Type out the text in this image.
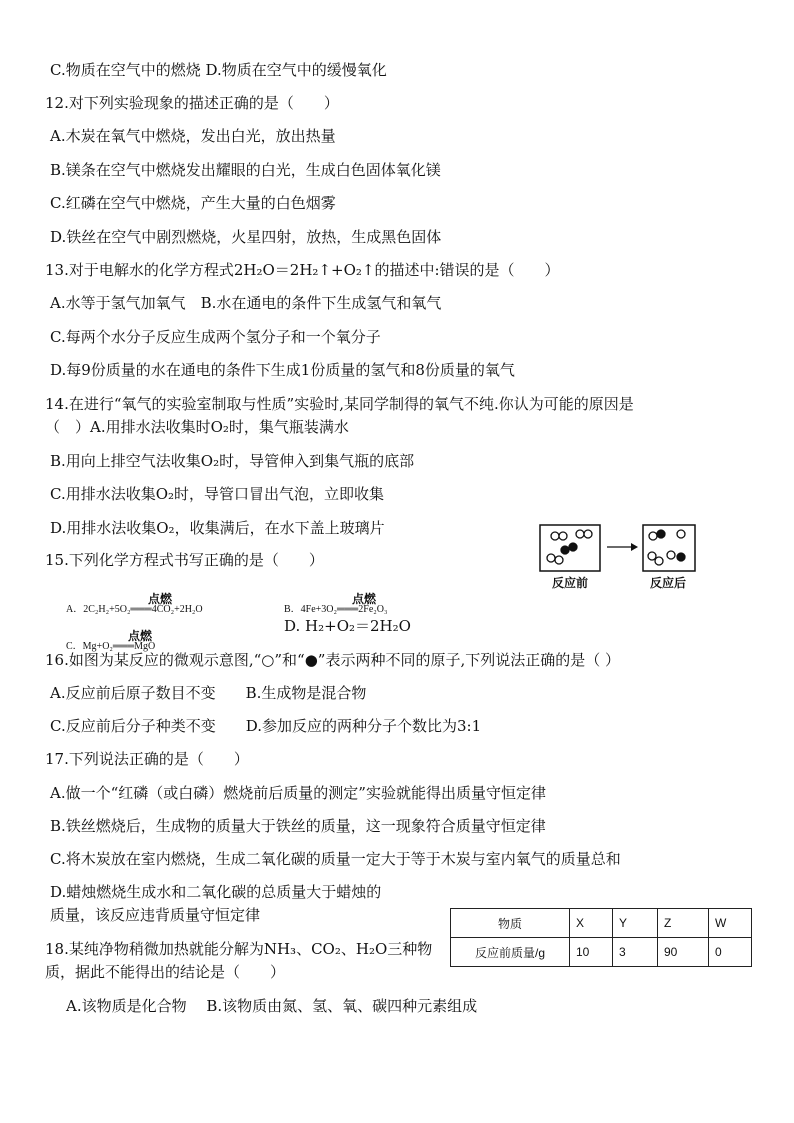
C.物质在空气中的燃烧 D.物质在空气中的缓慢氧化
12.对下列实验现象的描述正确的是（　　）
A.木炭在氧气中燃烧，发出白光，放出热量
B.镁条在空气中燃烧发出耀眼的白光，生成白色固体氧化镁
C.红磷在空气中燃烧，产生大量的白色烟雾
D.铁丝在空气中剧烈燃烧，火星四射，放热，生成黑色固体
13.对于电解水的化学方程式2H₂O＝2H₂↑+O₂↑的描述中:错误的是（　　）
A.水等于氢气加氧气　B.水在通电的条件下生成氢气和氧气
C.每两个水分子反应生成两个氢分子和一个氧分子
D.每9份质量的水在通电的条件下生成1份质量的氢气和8份质量的氧气
14.在进行“氧气的实验室制取与性质”实验时,某同学制得的氧气不纯.你认为可能的原因是
（　）A.用排水法收集时O₂时，集气瓶装满水
B.用向上排空气法收集O₂时，导管伸入到集气瓶的底部
C.用排水法收集O₂时，导管口冒出气泡，立即收集
D.用排水法收集O₂，收集满后，在水下盖上玻璃片
15.下列化学方程式书写正确的是（　　）
点燃
A．2C₂H₂+5O₂═══4CO₂+2H₂O
点燃
B．4Fe+3O₂═══2Fe₂O₃
D. H₂+O₂＝2H₂O
点燃
C．Mg+O₂═══MgO
反应前	反应后
16.如图为某反应的微观示意图,“○”和“●”表示两种不同的原子,下列说法正确的是（ ）
A.反应前后原子数目不变　　B.生成物是混合物
C.反应前后分子种类不变　　D.参加反应的两种分子个数比为3:1
17.下列说法正确的是（　　）
A.做一个“红磷（或白磷）燃烧前后质量的测定”实验就能得出质量守恒定律
B.铁丝燃烧后，生成物的质量大于铁丝的质量，这一现象符合质量守恒定律
C.将木炭放在室内燃烧，生成二氧化碳的质量一定大于等于木炭与室内氧气的质量总和
D.蜡烛燃烧生成水和二氧化碳的总质量大于蜡烛的
质量，该反应违背质量守恒定律
18.某纯净物稍微加热就能分解为NH₃、CO₂、H₂O三种物
质，据此不能得出的结论是（　　）
A.该物质是化合物　 B.该物质由氮、氢、氧、碳四种元素组成
物质	X	Y	Z	W
反应前质量/g	10	3	90	0
